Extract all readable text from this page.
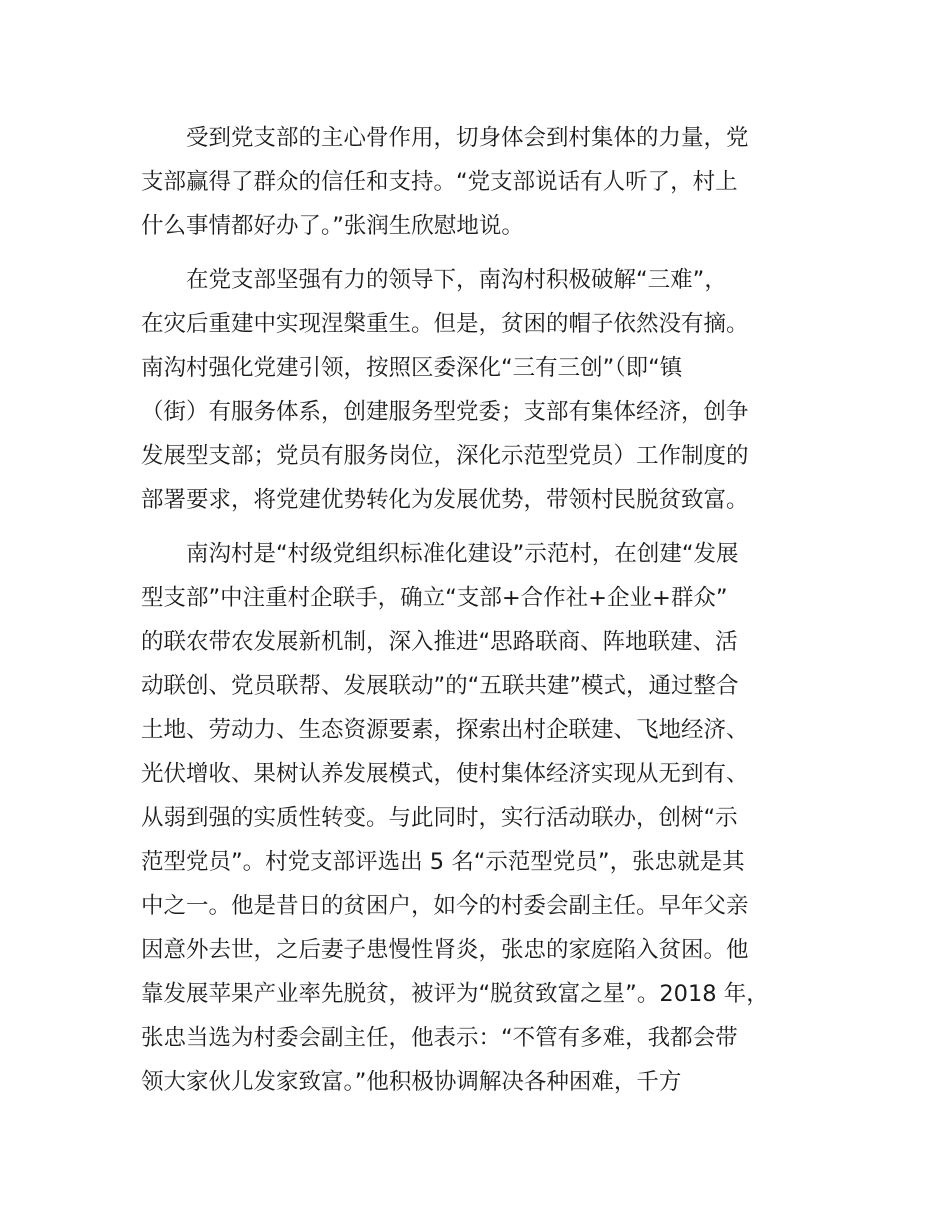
受到党支部的主心骨作用，切身体会到村集体的力量，党
支部赢得了群众的信任和支持。“党支部说话有人听了，村上
什么事情都好办了。”张润生欣慰地说。
在党支部坚强有力的领导下，南沟村积极破解“三难”，
在灾后重建中实现涅槃重生。但是，贫困的帽子依然没有摘。
南沟村强化党建引领，按照区委深化“三有三创”（即“镇
（街）有服务体系，创建服务型党委；支部有集体经济，创争
发展型支部；党员有服务岗位，深化示范型党员）工作制度的
部署要求，将党建优势转化为发展优势，带领村民脱贫致富。
南沟村是“村级党组织标准化建设”示范村，在创建“发展
型支部”中注重村企联手，确立“支部+合作社+企业+群众”
的联农带农发展新机制，深入推进“思路联商、阵地联建、活
动联创、党员联帮、发展联动”的“五联共建”模式，通过整合
土地、劳动力、生态资源要素，探索出村企联建、飞地经济、
光伏增收、果树认养发展模式，使村集体经济实现从无到有、
从弱到强的实质性转变。与此同时，实行活动联办，创树“示
范型党员”。村党支部评选出 5 名“示范型党员”，张忠就是其
中之一。他是昔日的贫困户，如今的村委会副主任。早年父亲
因意外去世，之后妻子患慢性肾炎，张忠的家庭陷入贫困。他
靠发展苹果产业率先脱贫，被评为“脱贫致富之星”。2018 年，
张忠当选为村委会副主任，他表示：“不管有多难，我都会带
领大家伙儿发家致富。”他积极协调解决各种困难，千方
